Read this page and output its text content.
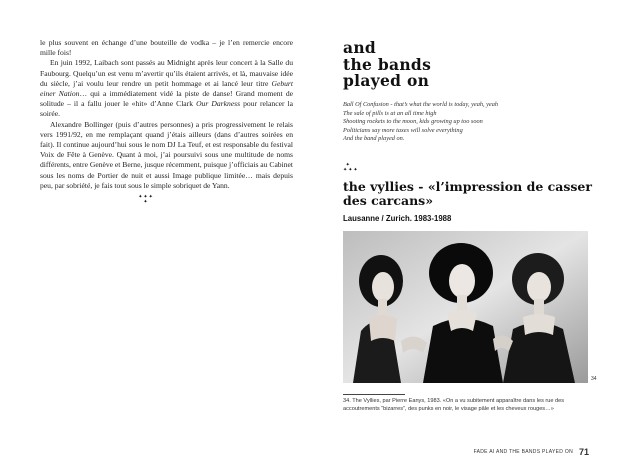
le plus souvent en échange d’une bouteille de vodka – je l’en remercie encore mille fois!

En juin 1992, Laibach sont passés au Midnight après leur concert à la Salle du Faubourg. Quelqu’un est venu m’avertir qu’ils étaient arrivés, et là, mauvaise idée du siècle, j’ai voulu leur rendre un petit hommage et ai lancé leur titre Geburt einer Nation… qui a immédiatement vidé la piste de danse! Grand moment de solitude – il a fallu jouer le «hit» d’Anne Clark Our Darkness pour relancer la soirée.

Alexandre Bollinger (puis d’autres personnes) a pris progressivement le relais vers 1991/92, en me remplaçant quand j’étais ailleurs (dans d’autres soirées en fait). Il continue aujourd’hui sous le nom DJ La Teuf, et est responsable du festival Voix de Fête à Genève. Quant à moi, j’ai poursuivi sous une multitude de noms différents, entre Genève et Berne, jusque récemment, puisque j’officiais au Cabinet sous les noms de Portier de nuit et aussi Image publique limitée… mais depuis peu, par sobriété, je fais tout sous le simple sobriquet de Yann.

✦✦✦
✦
and
the bands
played on
Ball Of Confusion - that’s what the world is today, yeah, yeah
The sale of pills is at an all time high
Shooting rockets to the moon, kids growing up too soon
Politicians say more taxes will solve everything
And the band played on.
✦
✦✦✦
the vyllies - «l’impression de casser des carcans»
Lausanne / Zurich. 1983-1988
34
34. The Vyllies, par Pierre Eanys, 1983. «On a vu subitement apparaître dans les rue des accoutrements “bizarres”, des punks en noir, le visage pâle et les cheveux rouges…»
FADE AI AND THE BANDS PLAYED ON 71
